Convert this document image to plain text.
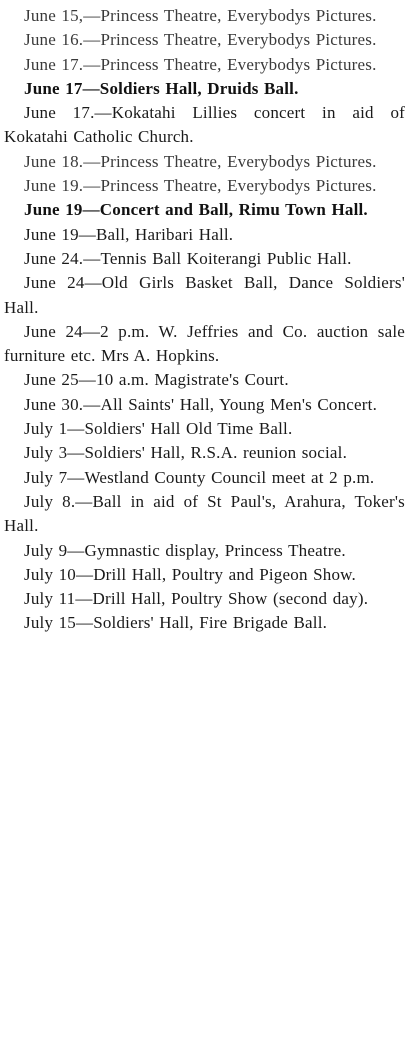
June 15,—Princess Theatre, Everybodys Pictures.

June 16.—Princess Theatre, Everybodys Pictures.

June 17.—Princess Theatre, Everybodys Pictures.

June 17—Soldiers Hall, Druids Ball.

June 17.—Kokatahi Lillies concert in aid of Kokatahi Catholic Church.

June 18.—Princess Theatre, Everybodys Pictures.

June 19.—Princess Theatre, Everybodys Pictures.

June 19—Concert and Ball, Rimu Town Hall.

June 19—Ball, Haribari Hall.

June 24.—Tennis Ball Koiterangi Public Hall.

June 24—Old Girls Basket Ball, Dance Soldiers' Hall.

June 24—2 p.m. W. Jeffries and Co. auction sale furniture etc. Mrs A. Hopkins.

June 25—10 a.m. Magistrate's Court.

June 30.—All Saints' Hall, Young Men's Concert.

July 1—Soldiers' Hall Old Time Ball.

July 3—Soldiers' Hall, R.S.A. reunion social.

July 7—Westland County Council meet at 2 p.m.

July 8.—Ball in aid of St Paul's, Arahura, Toker's Hall.

July 9—Gymnastic display, Princess Theatre.

July 10—Drill Hall, Poultry and Pigeon Show.

July 11—Drill Hall, Poultry Show (second day).

July 15—Soldiers' Hall, Fire Brigade Ball.
